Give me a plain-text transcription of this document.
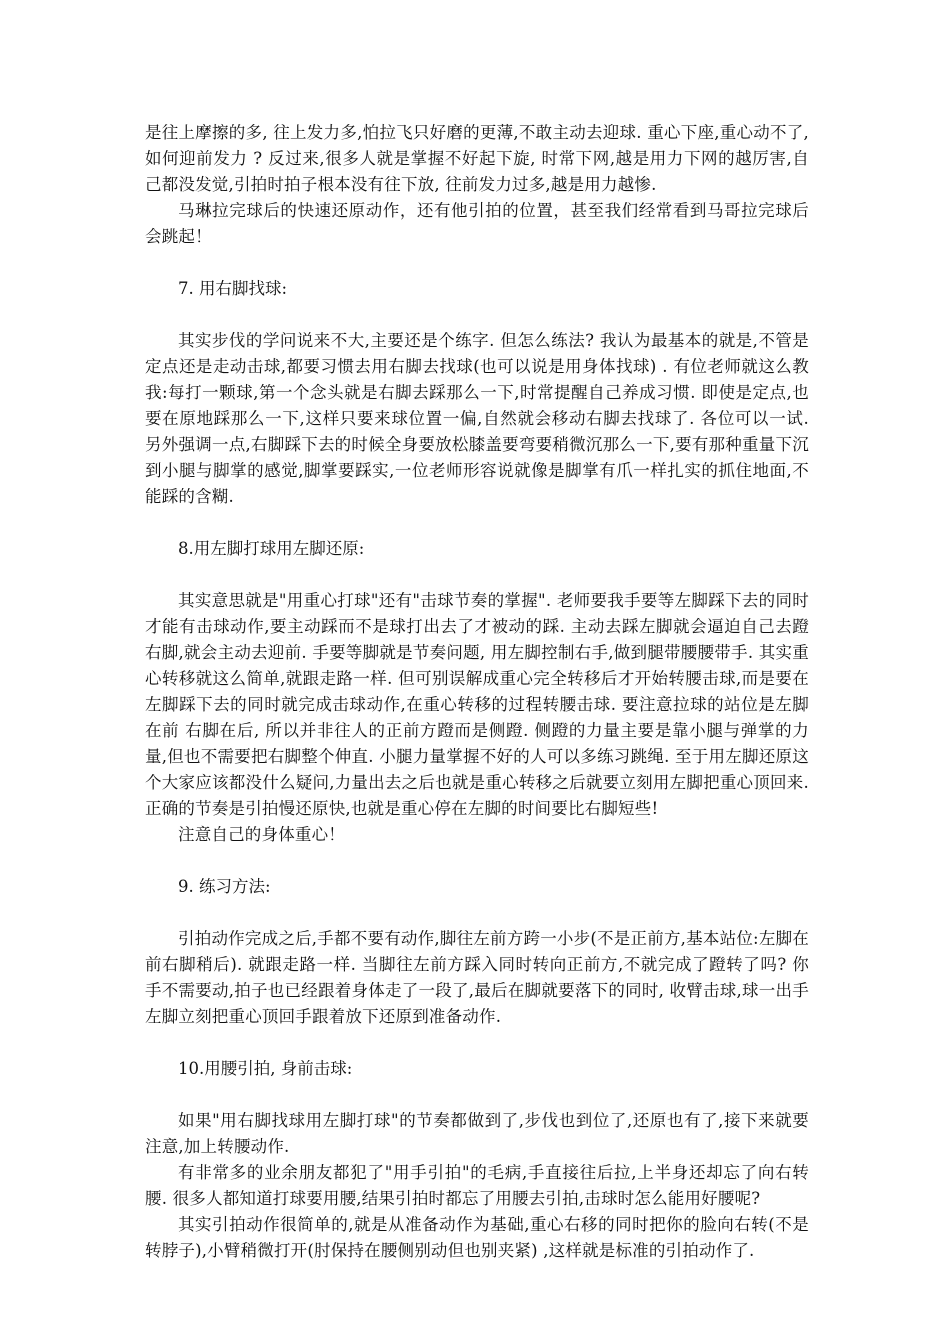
是往上摩擦的多, 往上发力多,怕拉飞只好磨的更薄,不敢主动去迎球. 重心下座,重心动不了,如何迎前发力 ? 反过来,很多人就是掌握不好起下旋, 时常下网,越是用力下网的越厉害,自己都没发觉,引拍时拍子根本没有往下放, 往前发力过多,越是用力越惨.

马琳拉完球后的快速还原动作，还有他引拍的位置，甚至我们经常看到马哥拉完球后会跳起！

7. 用右脚找球:

其实步伐的学问说来不大,主要还是个练字. 但怎么练法? 我认为最基本的就是,不管是定点还是走动击球,都要习惯去用右脚去找球(也可以说是用身体找球) . 有位老师就这么教我:每打一颗球,第一个念头就是右脚去踩那么一下,时常提醒自己养成习惯. 即使是定点,也要在原地踩那么一下,这样只要来球位置一偏,自然就会移动右脚去找球了. 各位可以一试. 另外强调一点,右脚踩下去的时候全身要放松膝盖要弯要稍微沉那么一下,要有那种重量下沉到小腿与脚掌的感觉,脚掌要踩实,一位老师形容说就像是脚掌有爪一样扎实的抓住地面,不能踩的含糊.

8.用左脚打球用左脚还原:

其实意思就是"用重心打球"还有"击球节奏的掌握". 老师要我手要等左脚踩下去的同时才能有击球动作,要主动踩而不是球打出去了才被动的踩. 主动去踩左脚就会逼迫自己去蹬右脚,就会主动去迎前. 手要等脚就是节奏问题, 用左脚控制右手,做到腿带腰腰带手. 其实重心转移就这么简单,就跟走路一样. 但可别误解成重心完全转移后才开始转腰击球,而是要在左脚踩下去的同时就完成击球动作,在重心转移的过程转腰击球. 要注意拉球的站位是左脚在前 右脚在后, 所以并非往人的正前方蹬而是侧蹬. 侧蹬的力量主要是靠小腿与弹掌的力量,但也不需要把右脚整个伸直. 小腿力量掌握不好的人可以多练习跳绳. 至于用左脚还原这个大家应该都没什么疑问,力量出去之后也就是重心转移之后就要立刻用左脚把重心顶回来. 正确的节奏是引拍慢还原快,也就是重心停在左脚的时间要比右脚短些!

注意自己的身体重心！

9. 练习方法:

引拍动作完成之后,手都不要有动作,脚往左前方跨一小步(不是正前方,基本站位:左脚在前右脚稍后). 就跟走路一样. 当脚往左前方踩入同时转向正前方,不就完成了蹬转了吗? 你手不需要动,拍子也已经跟着身体走了一段了,最后在脚就要落下的同时, 收臂击球,球一出手左脚立刻把重心顶回手跟着放下还原到准备动作.

10.用腰引拍, 身前击球:

如果"用右脚找球用左脚打球"的节奏都做到了,步伐也到位了,还原也有了,接下来就要注意,加上转腰动作.

有非常多的业余朋友都犯了"用手引拍"的毛病,手直接往后拉,上半身还却忘了向右转腰. 很多人都知道打球要用腰,结果引拍时都忘了用腰去引拍,击球时怎么能用好腰呢?

其实引拍动作很简单的,就是从准备动作为基础,重心右移的同时把你的脸向右转(不是转脖子),小臂稍微打开(肘保持在腰侧别动但也别夹紧) ,这样就是标准的引拍动作了.
